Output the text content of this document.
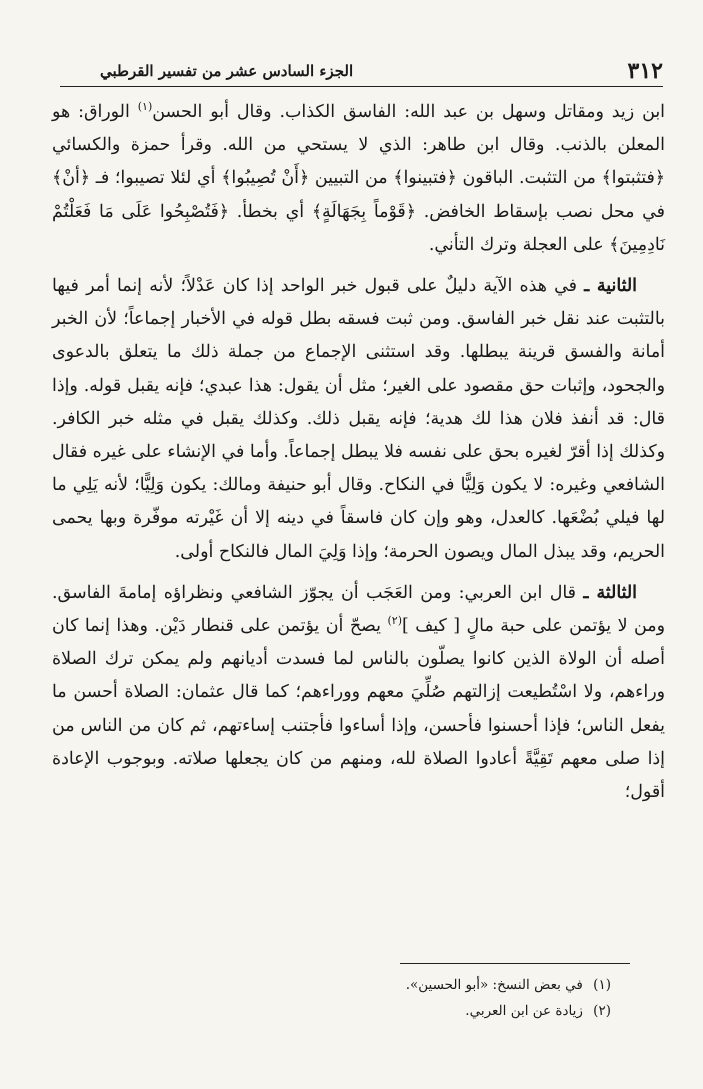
٣١٢
الجزء السادس عشر من تفسير القرطبي

ابن زيد ومقاتل وسهل بن عبد الله: الفاسق الكذاب. وقال أبو الحسن$^{(١)}$ الوراق: هو المعلن بالذنب. وقال ابن طاهر: الذي لا يستحي من الله. وقرأ حمزة والكسائي ﴿فتثبتوا﴾ من التثبت. الباقون ﴿فتبينوا﴾ من التبيين ﴿أَنْ تُصِيبُوا﴾ أي لئلا تصيبوا؛ فـ ﴿أنْ﴾ في محل نصب بإسقاط الخافض. ﴿قَوْماً بِجَهَالَةٍ﴾ أي بخطأ. ﴿فَتُصْبِحُوا عَلَى مَا فَعَلْتُمْ نَادِمِينَ﴾ على العجلة وترك التأني.

الثانية ـ في هذه الآية دليلٌ على قبول خبر الواحد إذا كان عَدْلاً؛ لأنه إنما أمر فيها بالتثبت عند نقل خبر الفاسق. ومن ثبت فسقه بطل قوله في الأخبار إجماعاً؛ لأن الخبر أمانة والفسق قرينة يبطلها. وقد استثنى الإجماع من جملة ذلك ما يتعلق بالدعوى والجحود، وإثبات حق مقصود على الغير؛ مثل أن يقول: هذا عبدي؛ فإنه يقبل قوله. وإذا قال: قد أنفذ فلان هذا لك هدية؛ فإنه يقبل ذلك. وكذلك يقبل في مثله خبر الكافر. وكذلك إذا أقرّ لغيره بحق على نفسه فلا يبطل إجماعاً. وأما في الإنشاء على غيره فقال الشافعي وغيره: لا يكون وَلِيًّا في النكاح. وقال أبو حنيفة ومالك: يكون وَلِيًّا؛ لأنه يَلِي ما لها فيلي بُضْعَها. كالعدل، وهو وإن كان فاسقاً في دينه إلا أن غَيْرته موفّرة وبها يحمى الحريم، وقد يبذل المال ويصون الحرمة؛ وإذا وَلِيَ المال فالنكاح أولى.

الثالثة ـ قال ابن العربي: ومن العَجَب أن يجوّز الشافعي ونظراؤه إمامةَ الفاسق. ومن لا يؤتمن على حبة مالٍ [ كيف ]$^{(٢)}$ يصحّ أن يؤتمن على قنطار دَيْن. وهذا إنما كان أصله أن الولاة الذين كانوا يصلّون بالناس لما فسدت أديانهم ولم يمكن ترك الصلاة وراءهم، ولا اسْتُطيعت إزالتهم صُلِّيَ معهم ووراءهم؛ كما قال عثمان: الصلاة أحسن ما يفعل الناس؛ فإذا أحسنوا فأحسن، وإذا أساءوا فأجتنب إساءتهم، ثم كان من الناس من إذا صلى معهم تَقِيَّةً أعادوا الصلاة لله، ومنهم من كان يجعلها صلاته. وبوجوب الإعادة أقول؛

(١) في بعض النسخ: «أبو الحسين».
(٢) زيادة عن ابن العربي.
